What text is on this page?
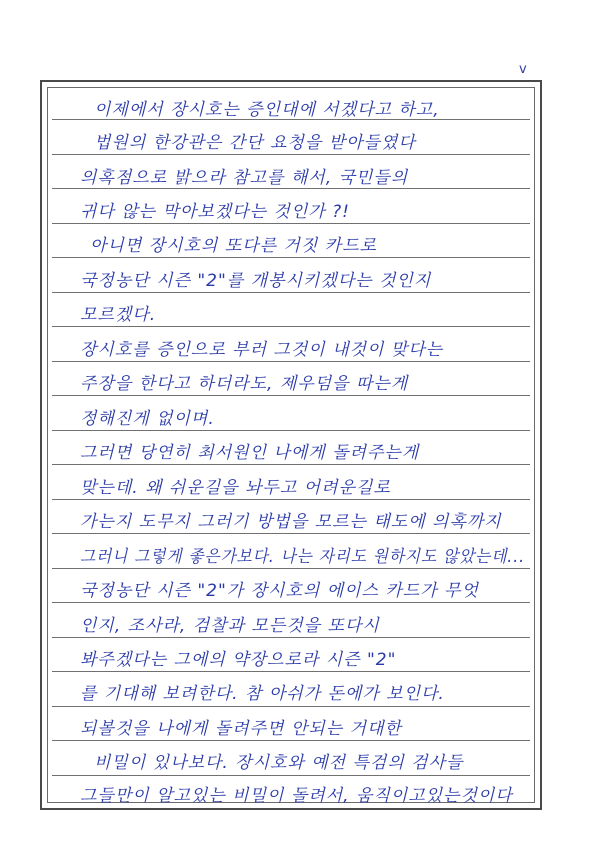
v
이제에서 장시호는 증인대에 서겠다고 하고,
법원의 한강관은 간단 요청을 받아들였다
의혹점으로 밝으라 참고를 해서, 국민들의
귀다 않는 막아보겠다는 것인가 ?!
아니면 장시호의 또다른 거짓 카드로
국정농단 시즌 "2"를 개봉시키겠다는 것인지
모르겠다.
장시호를 증인으로 부러 그것이 내것이 맞다는
주장을 한다고 하더라도, 제우덤을 따는게
정해진게 없이며.
그러면 당연히 최서원인 나에게 돌려주는게
맞는데. 왜 쉬운길을 놔두고 어려운길로
가는지 도무지 그러기 방법을 모르는 태도에 의혹까지
그러니 그렇게 좋은가보다. 나는 자리도 원하지도 않았는데...
국정농단 시즌 "2"가 장시호의 에이스 카드가 무엇
인지, 조사라, 검찰과 모든것을 또다시
봐주겠다는 그에의 약장으로라 시즌 "2"
를 기대해 보려한다. 참 아쉬가 돈에가 보인다.
되볼것을 나에게 돌려주면 안되는 거대한
비밀이 있나보다. 장시호와 예전 특검의 검사들
그들만이 알고있는 비밀이 돌려서, 움직이고있는것이다
